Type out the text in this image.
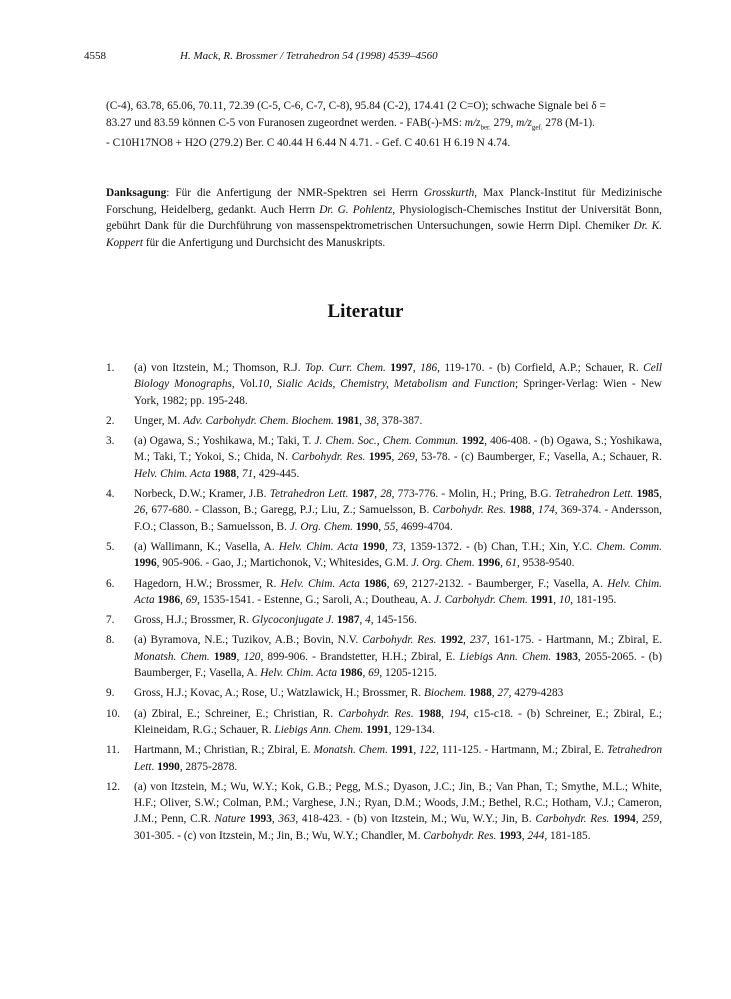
4558	H. Mack, R. Brossmer / Tetrahedron 54 (1998) 4539–4560

(C-4), 63.78, 65.06, 70.11, 72.39 (C-5, C-6, C-7, C-8), 95.84 (C-2), 174.41 (2 C=O); schwache Signale bei δ =

83.27 und 83.59 können C-5 von Furanosen zugeordnet werden. - FAB(-)-MS: $m/z_{ber.}$ 279, $m/z_{gef.}$ 278 (M-1).

- C10H17NO8 + H2O (279.2) Ber. C 40.44 H 6.44 N 4.71. - Gef. C 40.61 H 6.19 N 4.74.

Danksagung: Für die Anfertigung der NMR-Spektren sei Herrn Grosskurth, Max Planck-Institut für Medizinische Forschung, Heidelberg, gedankt. Auch Herrn Dr. G. Pohlentz, Physiologisch-Chemisches Institut der Universität Bonn, gebührt Dank für die Durchführung von massenspektrometrischen Untersuchungen, sowie Herrn Dipl. Chemiker Dr. K. Koppert für die Anfertigung und Durchsicht des Manuskripts.

Literatur
1.	(a) von Itzstein, M.; Thomson, R.J. Top. Curr. Chem. 1997, 186, 119-170. - (b) Corfield, A.P.; Schauer, R. Cell Biology Monographs, Vol.10, Sialic Acids, Chemistry, Metabolism and Function; Springer-Verlag: Wien - New York, 1982; pp. 195-248.
2.	Unger, M. Adv. Carbohydr. Chem. Biochem. 1981, 38, 378-387.
3.	(a) Ogawa, S.; Yoshikawa, M.; Taki, T. J. Chem. Soc., Chem. Commun. 1992, 406-408. - (b) Ogawa, S.; Yoshikawa, M.; Taki, T.; Yokoi, S.; Chida, N. Carbohydr. Res. 1995, 269, 53-78. - (c) Baumberger, F.; Vasella, A.; Schauer, R. Helv. Chim. Acta 1988, 71, 429-445.
4.	Norbeck, D.W.; Kramer, J.B. Tetrahedron Lett. 1987, 28, 773-776. - Molin, H.; Pring, B.G. Tetrahedron Lett. 1985, 26, 677-680. - Classon, B.; Garegg, P.J.; Liu, Z.; Samuelsson, B. Carbohydr. Res. 1988, 174, 369-374. - Andersson, F.O.; Classon, B.; Samuelsson, B. J. Org. Chem. 1990, 55, 4699-4704.
5.	(a) Wallimann, K.; Vasella, A. Helv. Chim. Acta 1990, 73, 1359-1372. - (b) Chan, T.H.; Xin, Y.C. Chem. Comm. 1996, 905-906. - Gao, J.; Martichonok, V.; Whitesides, G.M. J. Org. Chem. 1996, 61, 9538-9540.
6.	Hagedorn, H.W.; Brossmer, R. Helv. Chim. Acta 1986, 69, 2127-2132. - Baumberger, F.; Vasella, A. Helv. Chim. Acta 1986, 69, 1535-1541. - Estenne, G.; Saroli, A.; Doutheau, A. J. Carbohydr. Chem. 1991, 10, 181-195.
7.	Gross, H.J.; Brossmer, R. Glycoconjugate J. 1987, 4, 145-156.
8.	(a) Byramova, N.E.; Tuzikov, A.B.; Bovin, N.V. Carbohydr. Res. 1992, 237, 161-175. - Hartmann, M.; Zbiral, E. Monatsh. Chem. 1989, 120, 899-906. - Brandstetter, H.H.; Zbiral, E. Liebigs Ann. Chem. 1983, 2055-2065. - (b) Baumberger, F.; Vasella, A. Helv. Chim. Acta 1986, 69, 1205-1215.
9.	Gross, H.J.; Kovac, A.; Rose, U.; Watzlawick, H.; Brossmer, R. Biochem. 1988, 27, 4279-4283
10.	(a) Zbiral, E.; Schreiner, E.; Christian, R. Carbohydr. Res. 1988, 194, c15-c18. - (b) Schreiner, E.; Zbiral, E.; Kleineidam, R.G.; Schauer, R. Liebigs Ann. Chem. 1991, 129-134.
11.	Hartmann, M.; Christian, R.; Zbiral, E. Monatsh. Chem. 1991, 122, 111-125. - Hartmann, M.; Zbiral, E. Tetrahedron Lett. 1990, 2875-2878.
12.	(a) von Itzstein, M.; Wu, W.Y.; Kok, G.B.; Pegg, M.S.; Dyason, J.C.; Jin, B.; Van Phan, T.; Smythe, M.L.; White, H.F.; Oliver, S.W.; Colman, P.M.; Varghese, J.N.; Ryan, D.M.; Woods, J.M.; Bethel, R.C.; Hotham, V.J.; Cameron, J.M.; Penn, C.R. Nature 1993, 363, 418-423. - (b) von Itzstein, M.; Wu, W.Y.; Jin, B. Carbohydr. Res. 1994, 259, 301-305. - (c) von Itzstein, M.; Jin, B.; Wu, W.Y.; Chandler, M. Carbohydr. Res. 1993, 244, 181-185.
